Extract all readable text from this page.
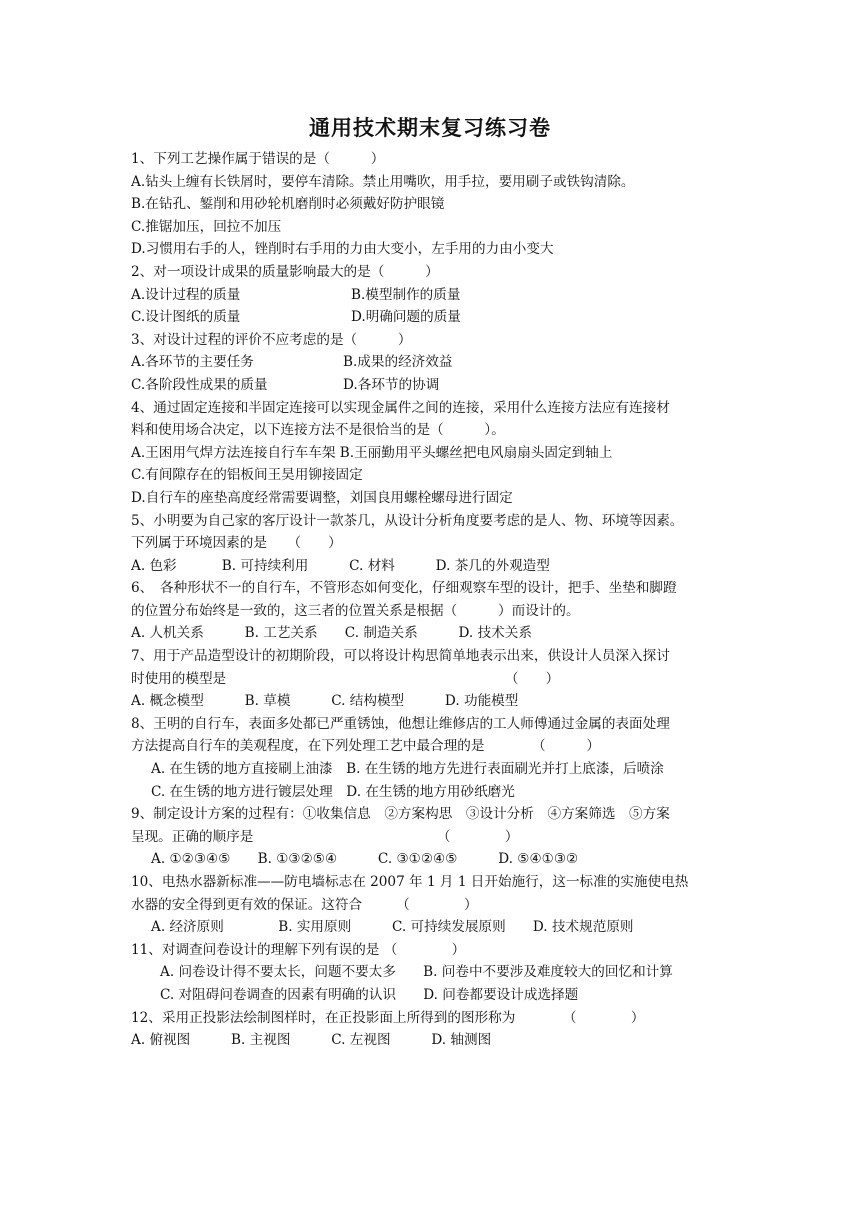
通用技术期末复习练习卷
1、下列工艺操作属于错误的是（　　　）
A.钻头上缠有长铁屑时，要停车清除。禁止用嘴吹，用手拉，要用刷子或铁钩清除。
B.在钻孔、錾削和用砂轮机磨削时必须戴好防护眼镜
C.推锯加压，回拉不加压
D.习惯用右手的人，锉削时右手用的力由大变小，左手用的力由小变大
2、对一项设计成果的质量影响最大的是（　　　）
A.设计过程的质量	B.模型制作的质量
C.设计图纸的质量	D.明确问题的质量
3、对设计过程的评价不应考虑的是（　　　）
A.各环节的主要任务	B.成果的经济效益
C.各阶段性成果的质量	D.各环节的协调
4、通过固定连接和半固定连接可以实现金属件之间的连接，采用什么连接方法应有连接材
料和使用场合决定，以下连接方法不是很恰当的是（　　　）。
A.王困用气焊方法连接自行车车架 B.王丽勤用平头螺丝把电风扇扇头固定到轴上
C.有间隙存在的铝板间王昊用铆接固定
D.自行车的座垫高度经常需要调整，刘国良用螺栓螺母进行固定
5、小明要为自己家的客厅设计一款茶几，从设计分析角度要考虑的是人、物、环境等因素。
下列属于环境因素的是　　（　　）
A. 色彩　　　 B. 可持续利用　　　C. 材料　　　D. 茶几的外观造型
6、　各种形状不一的自行车，不管形态如何变化，仔细观察车型的设计，把手、坐垫和脚蹬
的位置分布始终是一致的，这三者的位置关系是根据（　　　）而设计的。
A. 人机关系　　　B. 工艺关系　　C. 制造关系　　　D. 技术关系
7、用于产品造型设计的初期阶段，可以将设计构思简单地表示出来，供设计人员深入探讨
时使用的模型是　　　　　　　　　　　　　　　　　　　　　（　　）
A. 概念模型　　　B. 草模　　　C. 结构模型　　　D. 功能模型
8、王明的自行车，表面多处都已严重锈蚀，他想让维修店的工人师傅通过金属的表面处理
方法提高自行车的美观程度，在下列处理工艺中最合理的是　　　　（　　　）
A. 在生锈的地方直接刷上油漆　B. 在生锈的地方先进行表面刷光并打上底漆，后喷涂
C. 在生锈的地方进行镀层处理　D. 在生锈的地方用砂纸磨光
9、制定设计方案的过程有：①收集信息　②方案构思　③设计分析　④方案筛选　⑤方案
呈现。正确的顺序是　　　　　　　　　　　　　　（　　　　）
A. ①②③④⑤　　B. ①③②⑤④　　　C. ③①②④⑤　　　D. ⑤④①③②
10、电热水器新标准——防电墙标志在 2007 年 1 月 1 日开始施行，这一标准的实施使电热
水器的安全得到更有效的保证。这符合　　　（　　　　）
A. 经济原则　　　　B. 实用原则　　　C. 可持续发展原则　　D. 技术规范原则
11、对调查问卷设计的理解下列有误的是 （　　　　）
A. 问卷设计得不要太长，问题不要太多　　B. 问卷中不要涉及难度较大的回忆和计算
C. 对阻碍问卷调查的因素有明确的认识　　D. 问卷都要设计成选择题
12、采用正投影法绘制图样时，在正投影面上所得到的图形称为　　　　（　　　　）
A. 俯视图　　　B. 主视图　　　C. 左视图　　　D. 轴测图
